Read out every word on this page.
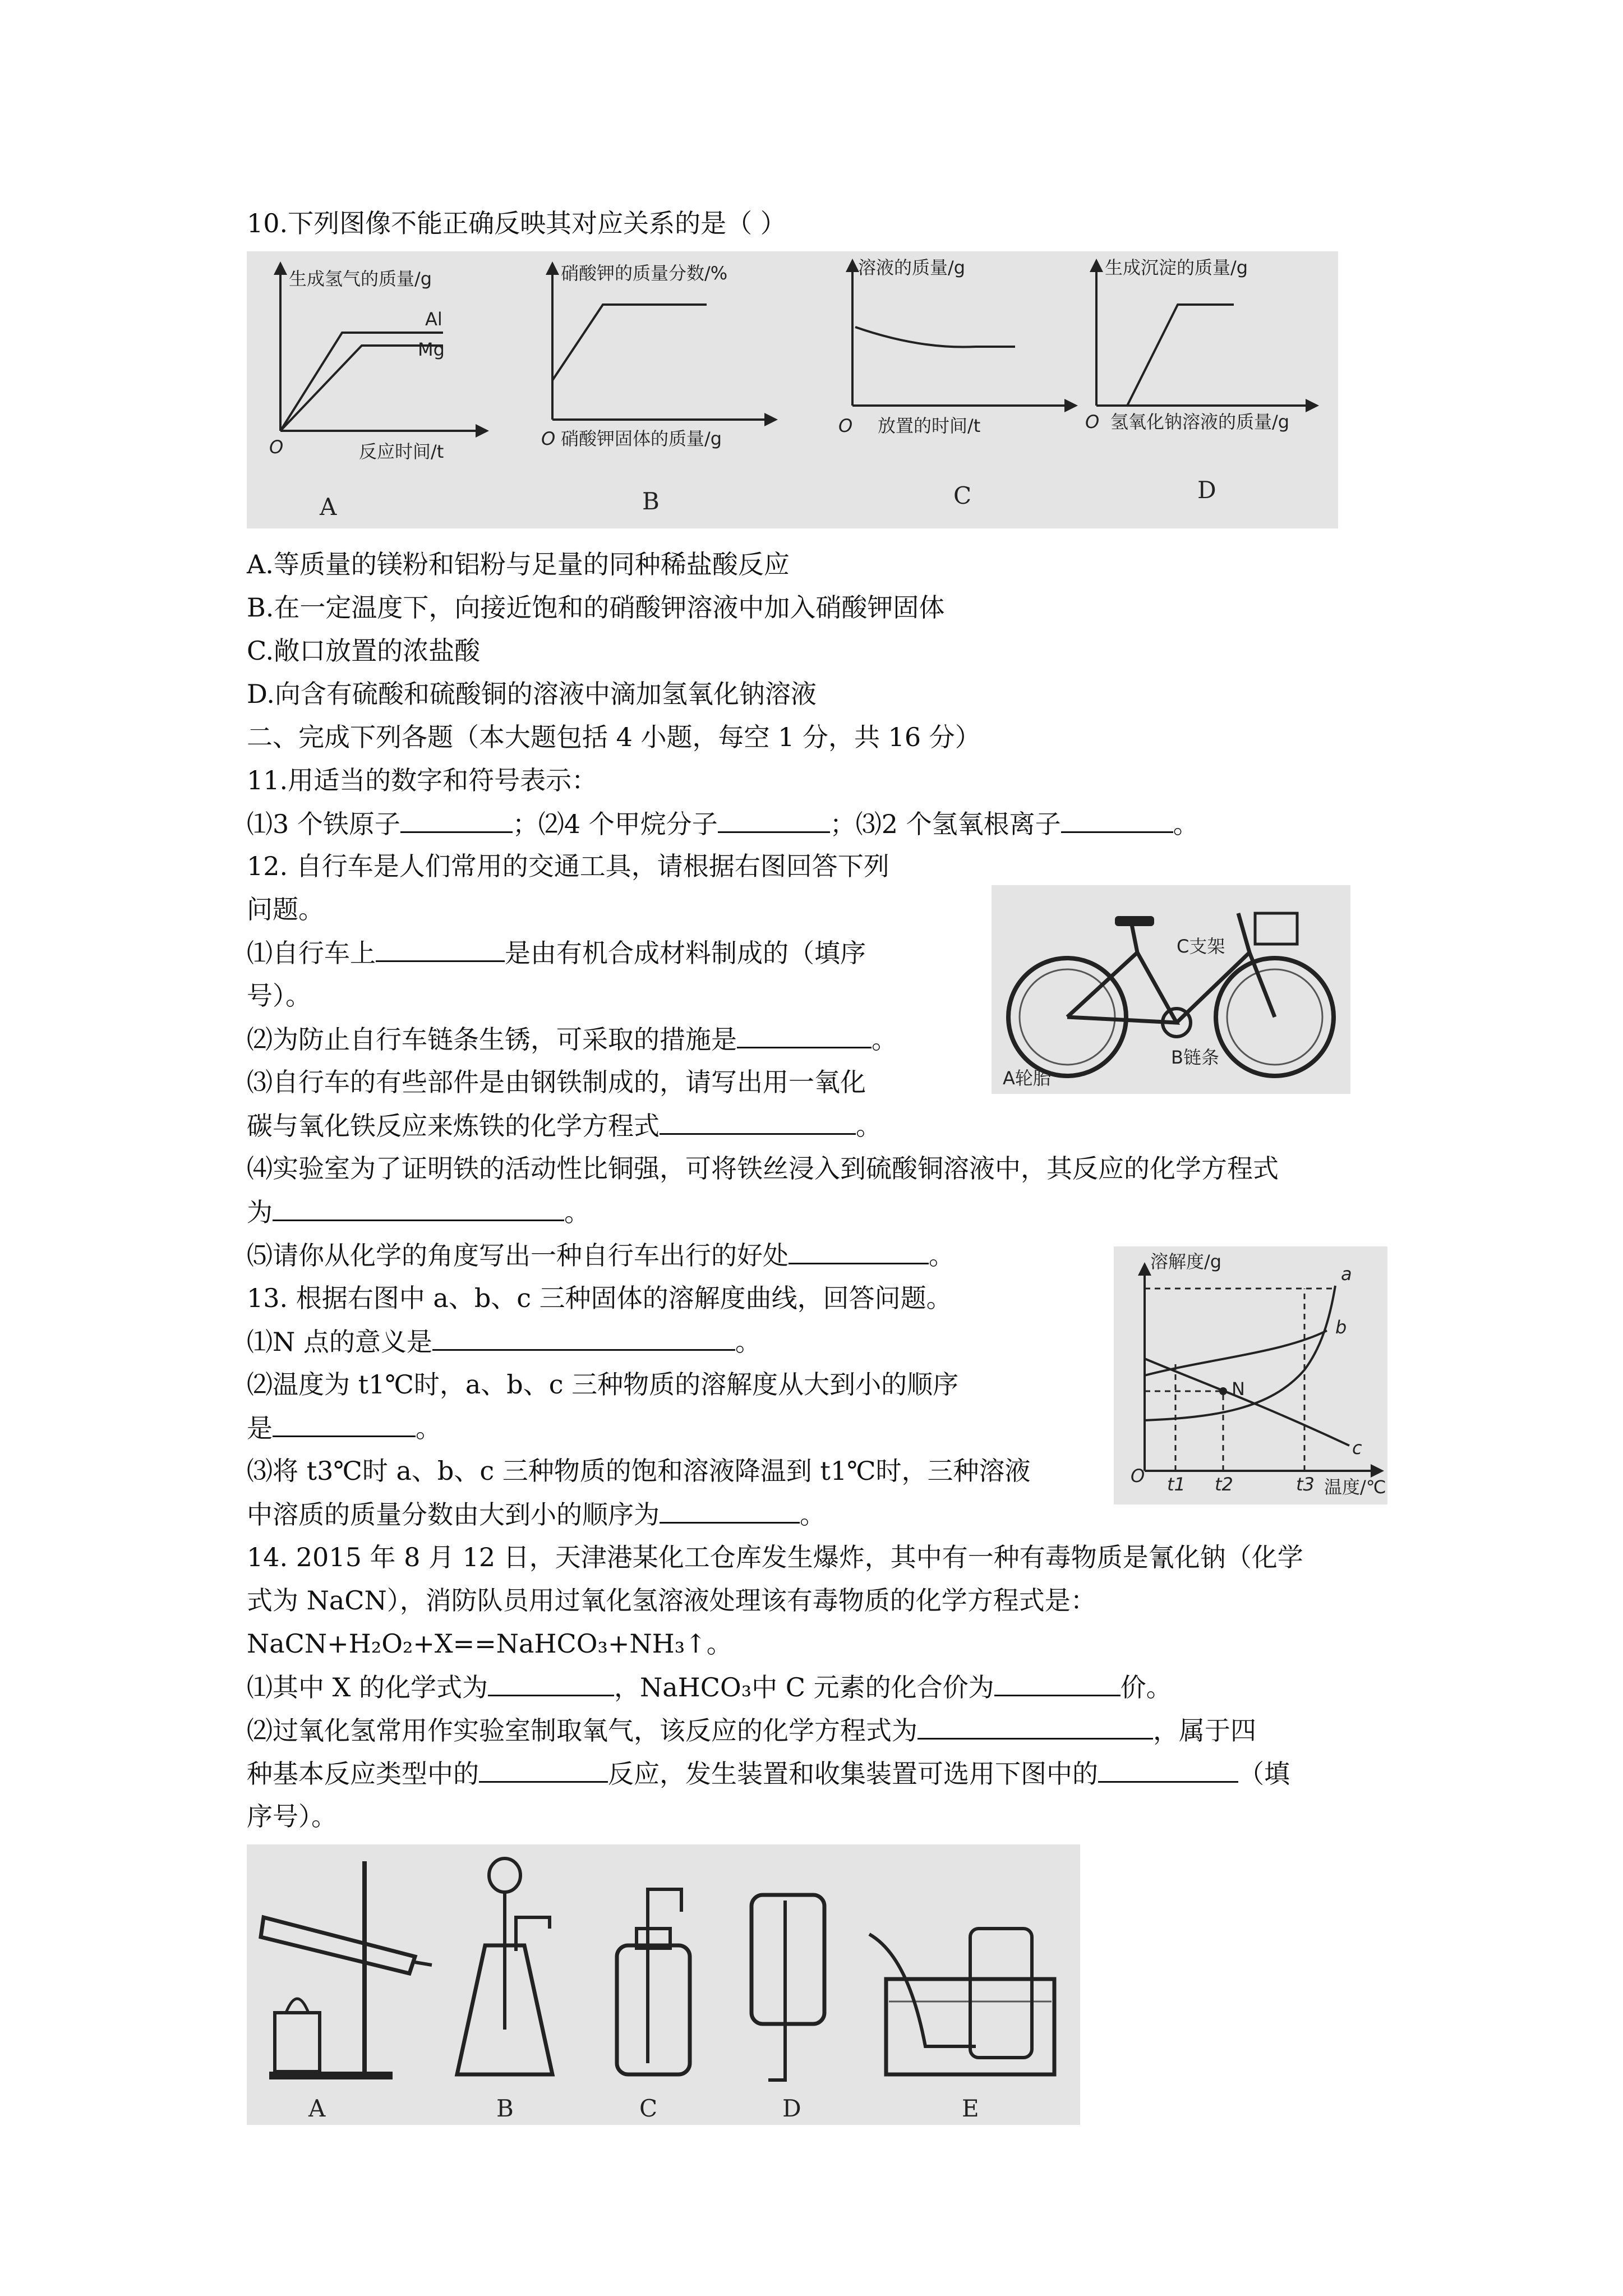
10.下列图像不能正确反映其对应关系的是（ ）
生成氢气的质量/g
反应时间/t
O
Al
Mg
A
硝酸钾的质量分数/%
硝酸钾固体的质量/g
O
B
溶液的质量/g
放置的时间/t
O
C
生成沉淀的质量/g
氢氧化钠溶液的质量/g
O
D
A.等质量的镁粉和铝粉与足量的同种稀盐酸反应
B.在一定温度下，向接近饱和的硝酸钾溶液中加入硝酸钾固体
C.敞口放置的浓盐酸
D.向含有硫酸和硫酸铜的溶液中滴加氢氧化钠溶液
二、完成下列各题（本大题包括 4 小题，每空 1 分，共 16 分）
11.用适当的数字和符号表示：
⑴3 个铁原子	；⑵4 个甲烷分子	；⑶2 个氢氧根离子	。
12. 自行车是人们常用的交通工具，请根据右图回答下列
问题。
⑴自行车上	是由有机合成材料制成的（填序
号）。
⑵为防止自行车链条生锈，可采取的措施是	。
⑶自行车的有些部件是由钢铁制成的，请写出用一氧化
碳与氧化铁反应来炼铁的化学方程式	。
⑷实验室为了证明铁的活动性比铜强，可将铁丝浸入到硫酸铜溶液中，其反应的化学方程式
为	。
⑸请你从化学的角度写出一种自行车出行的好处	。
C支架
B链条
A轮胎
13. 根据右图中 a、b、c 三种固体的溶解度曲线，回答问题。
⑴N 点的意义是	。
⑵温度为 t1℃时，a、b、c 三种物质的溶解度从大到小的顺序
是	。
⑶将 t3℃时 a、b、c 三种物质的饱和溶液降温到 t1℃时，三种溶液
中溶质的质量分数由大到小的顺序为	。
溶解度/g
温度/℃
O
a
b
c
N
t1 t2	t3
14. 2015 年 8 月 12 日，天津港某化工仓库发生爆炸，其中有一种有毒物质是氰化钠（化学
式为 NaCN），消防队员用过氧化氢溶液处理该有毒物质的化学方程式是：
NaCN+H₂O₂+X==NaHCO₃+NH₃↑。
⑴其中 X 的化学式为	，NaHCO₃中 C 元素的化合价为	价。
⑵过氧化氢常用作实验室制取氧气，该反应的化学方程式为	，属于四
种基本反应类型中的	反应，发生装置和收集装置可选用下图中的	（填
序号）。
A	B	C	D	E
